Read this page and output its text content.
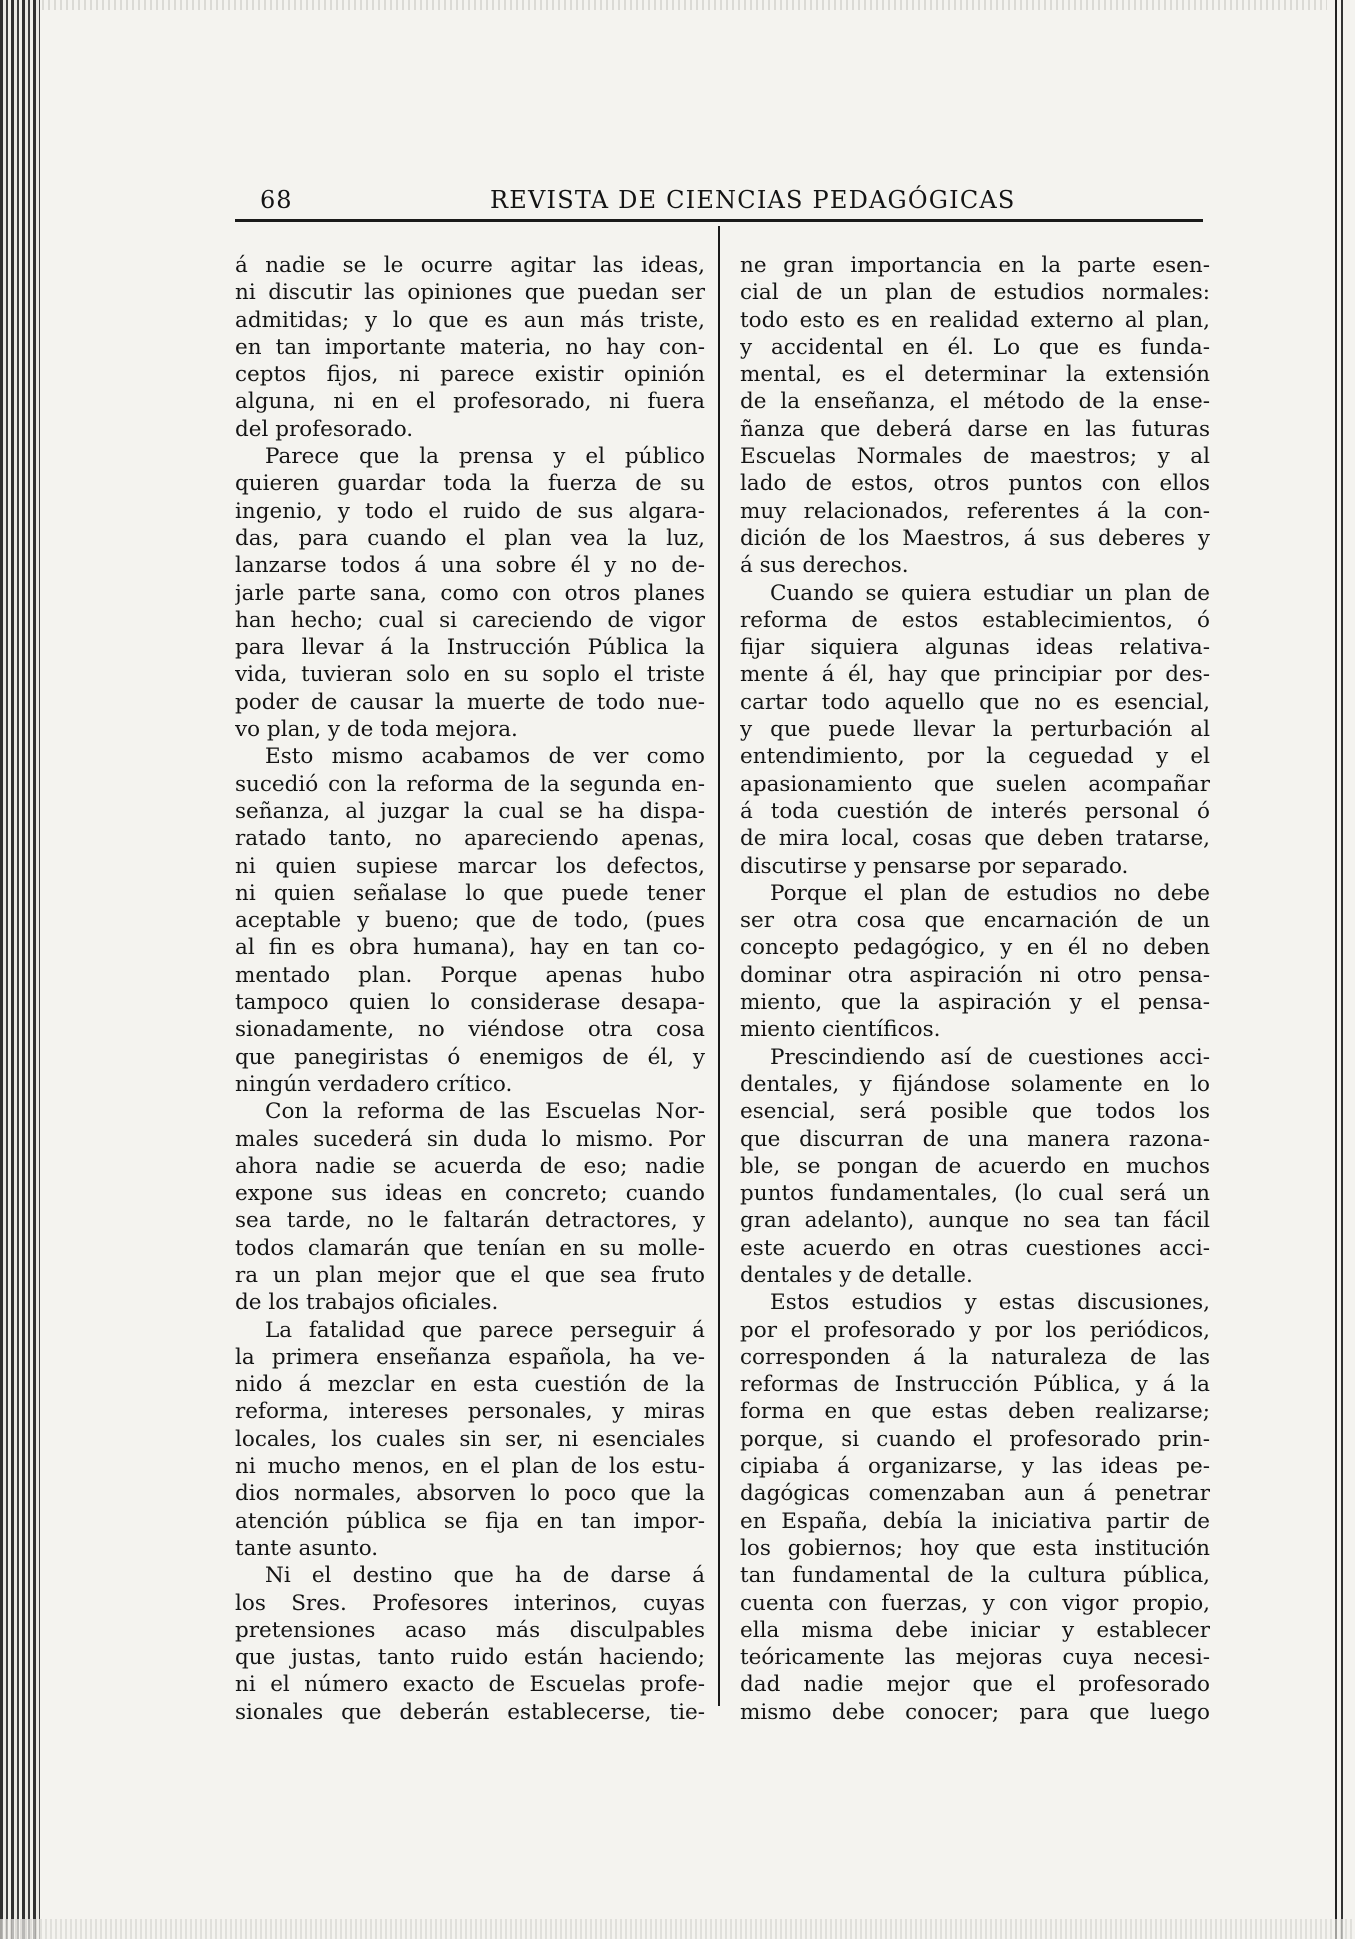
68	REVISTA DE CIENCIAS PEDAGÓGICAS
á nadie se le ocurre agitar las ideas,
ni discutir las opiniones que puedan ser
admitidas; y lo que es aun más triste,
en tan importante materia, no hay con-
ceptos fijos, ni parece existir opinión
alguna, ni en el profesorado, ni fuera
del profesorado.
Parece que la prensa y el público
quieren guardar toda la fuerza de su
ingenio, y todo el ruido de sus algara-
das, para cuando el plan vea la luz,
lanzarse todos á una sobre él y no de-
jarle parte sana, como con otros planes
han hecho; cual si careciendo de vigor
para llevar á la Instrucción Pública la
vida, tuvieran solo en su soplo el triste
poder de causar la muerte de todo nue-
vo plan, y de toda mejora.
Esto mismo acabamos de ver como
sucedió con la reforma de la segunda en-
señanza, al juzgar la cual se ha dispa-
ratado tanto, no apareciendo apenas,
ni quien supiese marcar los defectos,
ni quien señalase lo que puede tener
aceptable y bueno; que de todo, (pues
al fin es obra humana), hay en tan co-
mentado plan. Porque apenas hubo
tampoco quien lo considerase desapa-
sionadamente, no viéndose otra cosa
que panegiristas ó enemigos de él, y
ningún verdadero crítico.
Con la reforma de las Escuelas Nor-
males sucederá sin duda lo mismo. Por
ahora nadie se acuerda de eso; nadie
expone sus ideas en concreto; cuando
sea tarde, no le faltarán detractores, y
todos clamarán que tenían en su molle-
ra un plan mejor que el que sea fruto
de los trabajos oficiales.
La fatalidad que parece perseguir á
la primera enseñanza española, ha ve-
nido á mezclar en esta cuestión de la
reforma, intereses personales, y miras
locales, los cuales sin ser, ni esenciales
ni mucho menos, en el plan de los estu-
dios normales, absorven lo poco que la
atención pública se fija en tan impor-
tante asunto.
Ni el destino que ha de darse á
los Sres. Profesores interinos, cuyas
pretensiones acaso más disculpables
que justas, tanto ruido están haciendo;
ni el número exacto de Escuelas profe-
sionales que deberán establecerse, tie-
ne gran importancia en la parte esen-
cial de un plan de estudios normales:
todo esto es en realidad externo al plan,
y accidental en él. Lo que es funda-
mental, es el determinar la extensión
de la enseñanza, el método de la ense-
ñanza que deberá darse en las futuras
Escuelas Normales de maestros; y al
lado de estos, otros puntos con ellos
muy relacionados, referentes á la con-
dición de los Maestros, á sus deberes y
á sus derechos.
Cuando se quiera estudiar un plan de
reforma de estos establecimientos, ó
fijar siquiera algunas ideas relativa-
mente á él, hay que principiar por des-
cartar todo aquello que no es esencial,
y que puede llevar la perturbación al
entendimiento, por la ceguedad y el
apasionamiento que suelen acompañar
á toda cuestión de interés personal ó
de mira local, cosas que deben tratarse,
discutirse y pensarse por separado.
Porque el plan de estudios no debe
ser otra cosa que encarnación de un
concepto pedagógico, y en él no deben
dominar otra aspiración ni otro pensa-
miento, que la aspiración y el pensa-
miento científicos.
Prescindiendo así de cuestiones acci-
dentales, y fijándose solamente en lo
esencial, será posible que todos los
que discurran de una manera razona-
ble, se pongan de acuerdo en muchos
puntos fundamentales, (lo cual será un
gran adelanto), aunque no sea tan fácil
este acuerdo en otras cuestiones acci-
dentales y de detalle.
Estos estudios y estas discusiones,
por el profesorado y por los periódicos,
corresponden á la naturaleza de las
reformas de Instrucción Pública, y á la
forma en que estas deben realizarse;
porque, si cuando el profesorado prin-
cipiaba á organizarse, y las ideas pe-
dagógicas comenzaban aun á penetrar
en España, debía la iniciativa partir de
los gobiernos; hoy que esta institución
tan fundamental de la cultura pública,
cuenta con fuerzas, y con vigor propio,
ella misma debe iniciar y establecer
teóricamente las mejoras cuya necesi-
dad nadie mejor que el profesorado
mismo debe conocer; para que luego
